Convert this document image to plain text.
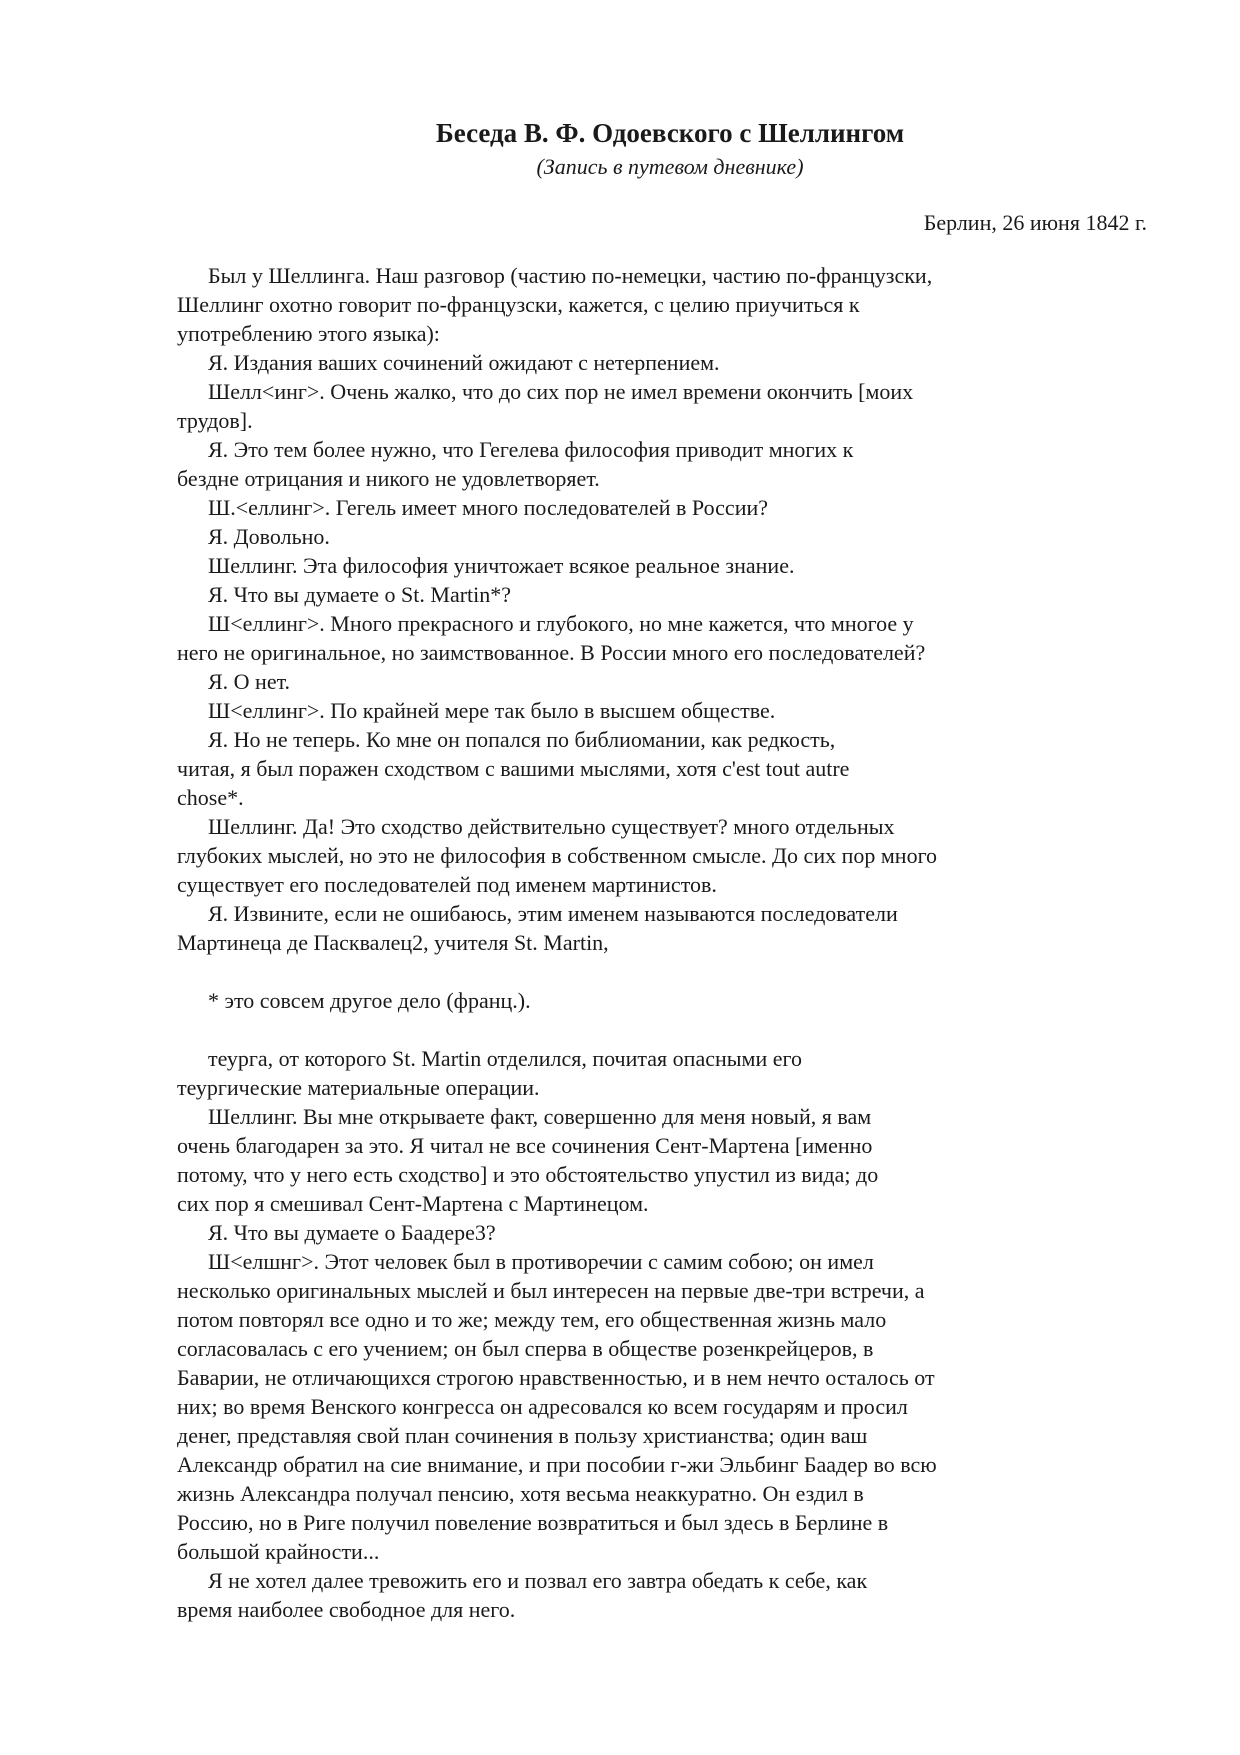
Беседа В. Ф. Одоевского с Шеллингом
(Запись в путевом дневнике)
Берлин, 26 июня 1842 г.

Был у Шеллинга. Наш разговор (частию по-немецки, частию по-французски,

Шеллинг охотно говорит по-французски, кажется, с целию приучиться к

употреблению этого языка):

Я. Издания ваших сочинений ожидают с нетерпением.

Шелл<инг>. Очень жалко, что до сих пор не имел времени окончить [моих

трудов].

Я. Это тем более нужно, что Гегелева философия приводит многих к

бездне отрицания и никого не удовлетворяет.

Ш.<еллинг>. Гегель имеет много последователей в России?

Я. Довольно.

Шеллинг. Эта философия уничтожает всякое реальное знание.

Я. Что вы думаете о St. Martin*?

Ш<еллинг>. Много прекрасного и глубокого, но мне кажется, что многое у

него не оригинальное, но заимствованное. В России много его последователей?

Я. О нет.

Ш<еллинг>. По крайней мере так было в высшем обществе.

Я. Но не теперь. Ко мне он попался по библиомании, как редкость,

читая, я был поражен сходством с вашими мыслями, хотя c'est tout autre

chose*.

Шеллинг. Да! Это сходство действительно существует? много отдельных

глубоких мыслей, но это не философия в собственном смысле. До сих пор много

существует его последователей под именем мартинистов.

Я. Извините, если не ошибаюсь, этим именем называются последователи

Мартинеца де Пасквалец2, учителя St. Martin,

* это совсем другое дело (франц.).

теурга, от которого St. Martin отделился, почитая опасными его

теургические материальные операции.

Шеллинг. Вы мне открываете факт, совершенно для меня новый, я вам

очень благодарен за это. Я читал не все сочинения Сент-Мартена [именно

потому, что у него есть сходство] и это обстоятельство упустил из вида; до

сих пор я смешивал Сент-Мартена с Мартинецом.

Я. Что вы думаете о Баадере3?

Ш<елшнг>. Этот человек был в противоречии с самим собою; он имел

несколько оригинальных мыслей и был интересен на первые две-три встречи, а

потом повторял все одно и то же; между тем, его общественная жизнь мало

согласовалась с его учением; он был сперва в обществе розенкрейцеров, в

Баварии, не отличающихся строгою нравственностью, и в нем нечто осталось от

них; во время Венского конгресса он адресовался ко всем государям и просил

денег, представляя свой план сочинения в пользу христианства; один ваш

Александр обратил на сие внимание, и при пособии г-жи Эльбинг Баадер во всю

жизнь Александра получал пенсию, хотя весьма неаккуратно. Он ездил в

Россию, но в Риге получил повеление возвратиться и был здесь в Берлине в

большой крайности...

Я не хотел далее тревожить его и позвал его завтра обедать к себе, как

время наиболее свободное для него.
